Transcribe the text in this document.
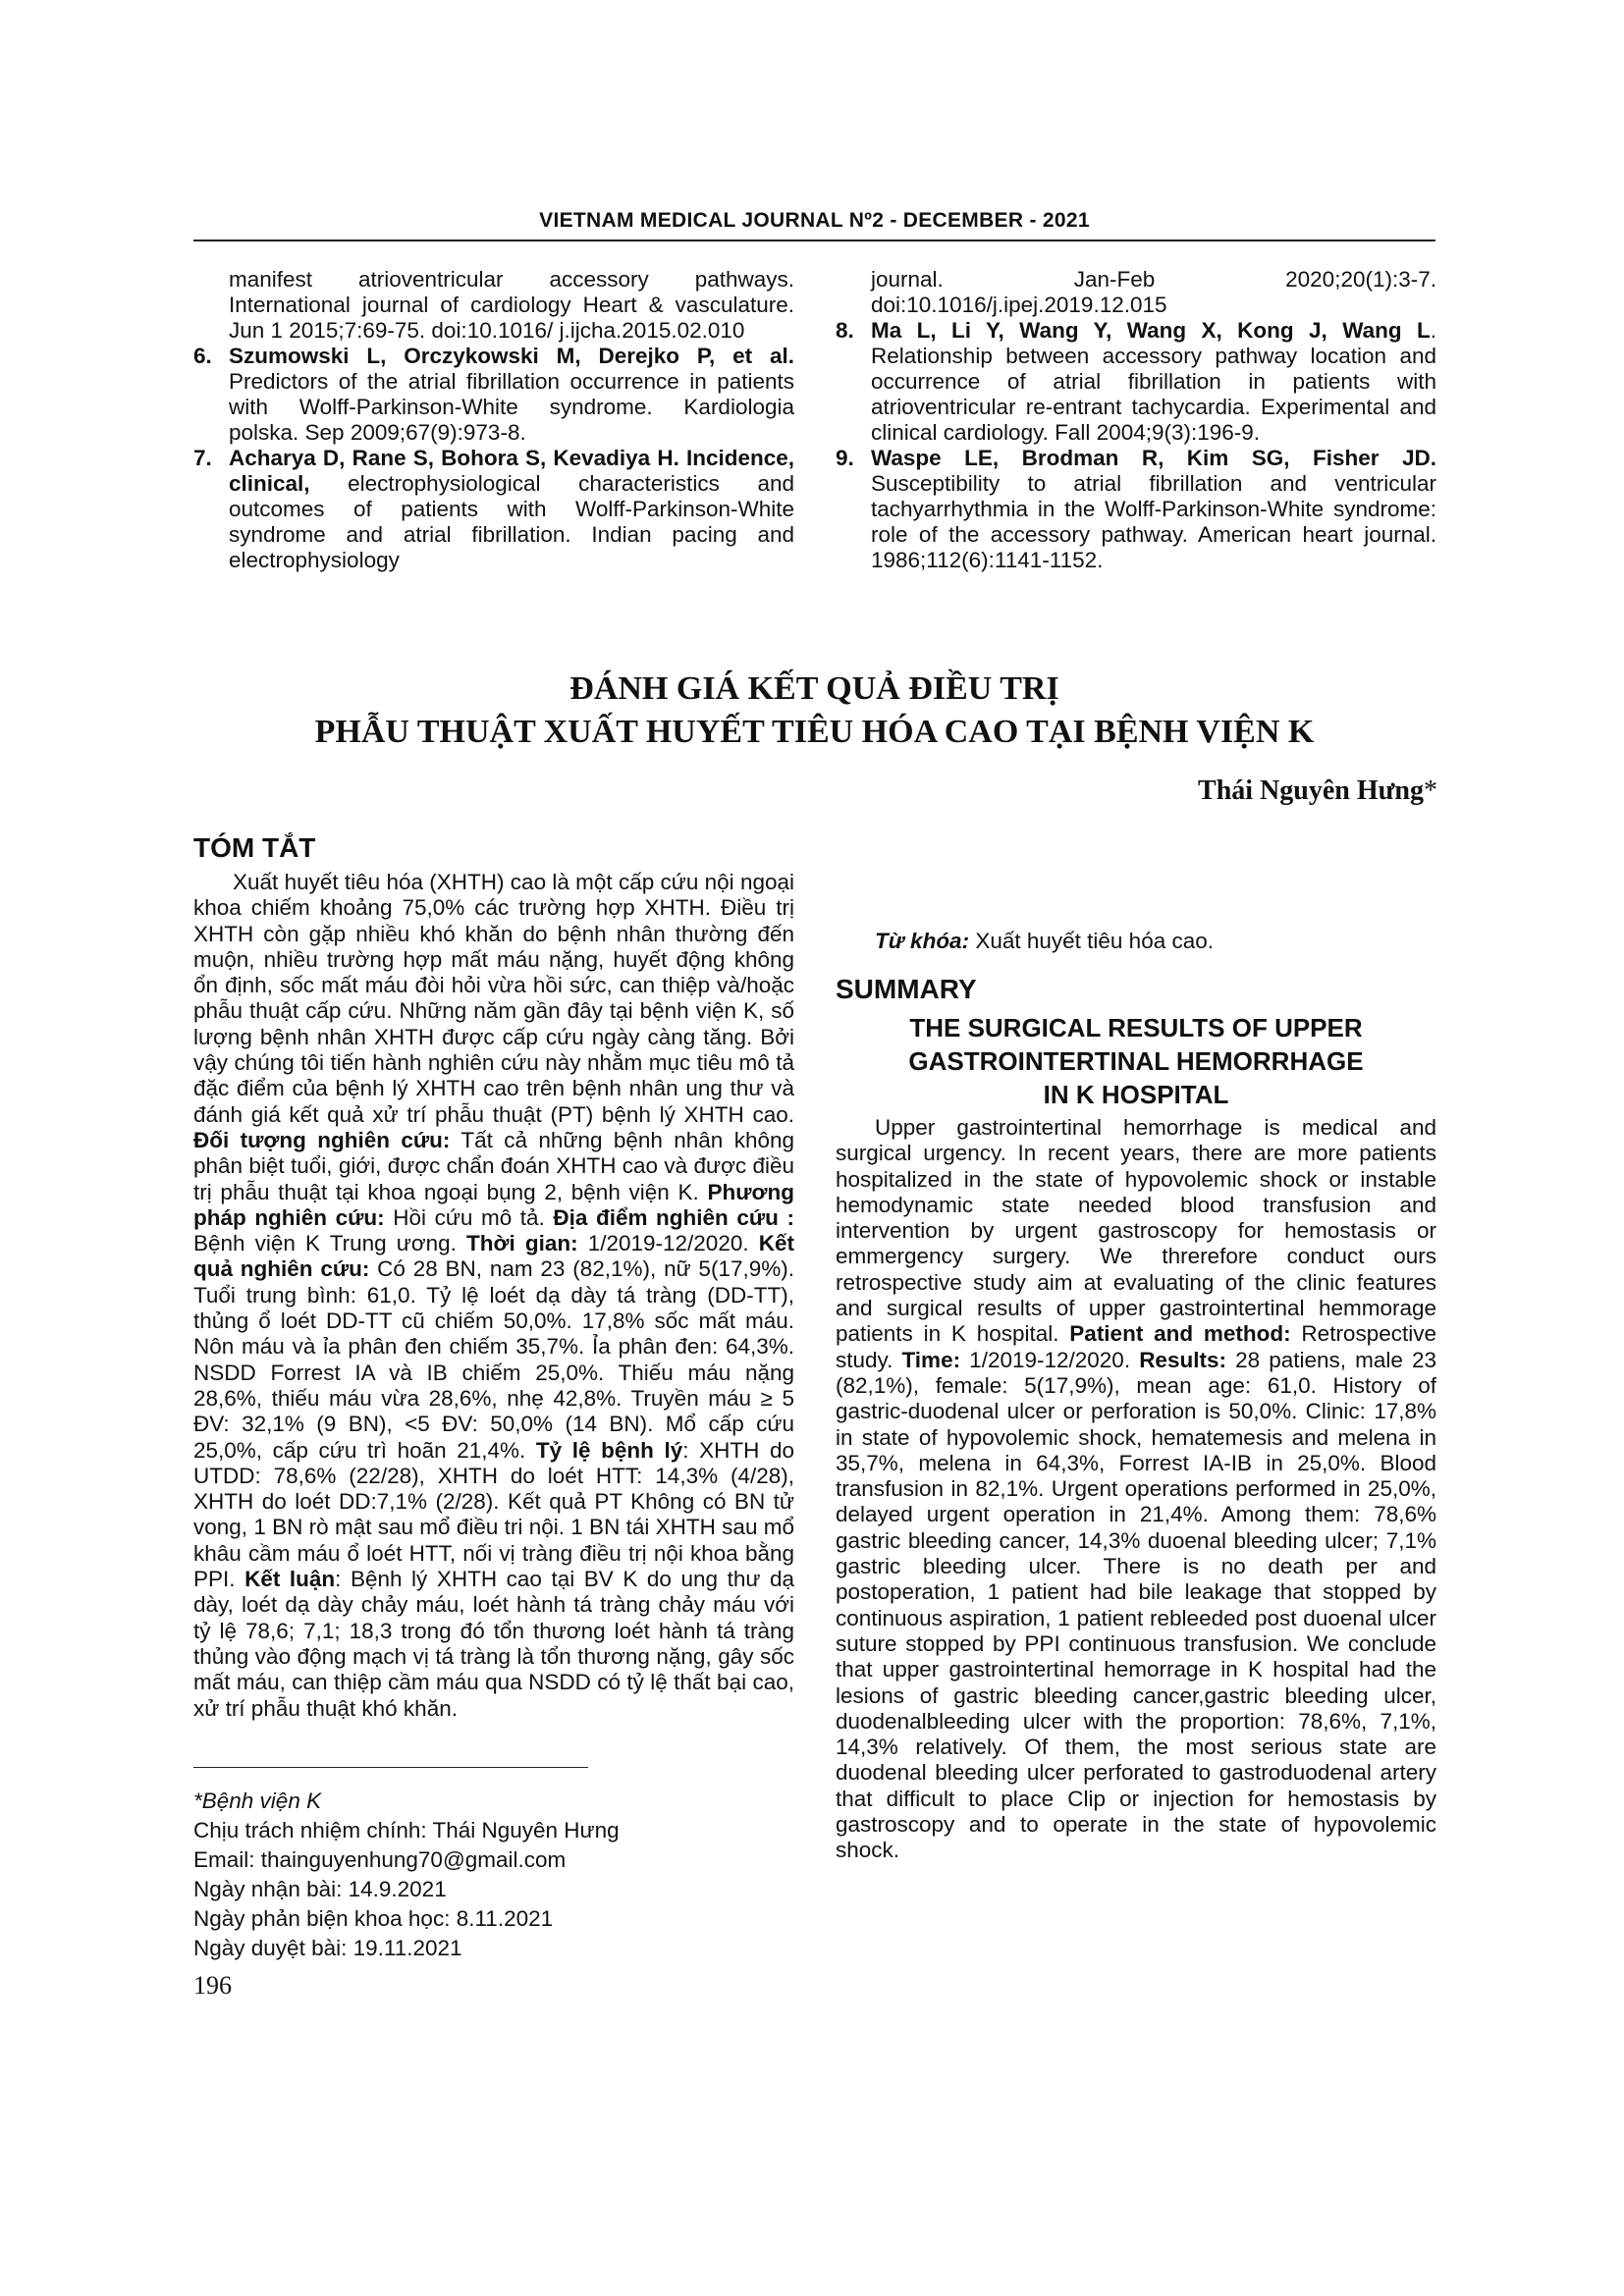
VIETNAM MEDICAL JOURNAL Nº2 - DECEMBER - 2021
manifest atrioventricular accessory pathways. International journal of cardiology Heart & vasculature. Jun 1 2015;7:69-75. doi:10.1016/ j.ijcha.2015.02.010
6. Szumowski L, Orczykowski M, Derejko P, et al. Predictors of the atrial fibrillation occurrence in patients with Wolff-Parkinson-White syndrome. Kardiologia polska. Sep 2009;67(9):973-8.
7. Acharya D, Rane S, Bohora S, Kevadiya H. Incidence, clinical, electrophysiological characteristics and outcomes of patients with Wolff-Parkinson-White syndrome and atrial fibrillation. Indian pacing and electrophysiology
journal. Jan-Feb 2020;20(1):3-7. doi:10.1016/j.ipej.2019.12.015
8. Ma L, Li Y, Wang Y, Wang X, Kong J, Wang L. Relationship between accessory pathway location and occurrence of atrial fibrillation in patients with atrioventricular re-entrant tachycardia. Experimental and clinical cardiology. Fall 2004;9(3):196-9.
9. Waspe LE, Brodman R, Kim SG, Fisher JD. Susceptibility to atrial fibrillation and ventricular tachyarrhythmia in the Wolff-Parkinson-White syndrome: role of the accessory pathway. American heart journal. 1986;112(6):1141-1152.
ĐÁNH GIÁ KẾT QUẢ ĐIỀU TRỊ
PHẪU THUẬT XUẤT HUYẾT TIÊU HÓA CAO TẠI BỆNH VIỆN K
Thái Nguyên Hưng*
TÓM TẮT

Xuất huyết tiêu hóa (XHTH) cao là một cấp cứu nội ngoại khoa chiếm khoảng 75,0% các trường hợp XHTH. Điều trị XHTH còn gặp nhiều khó khăn do bệnh nhân thường đến muộn, nhiều trường hợp mất máu nặng, huyết động không ổn định, sốc mất máu đòi hỏi vừa hồi sức, can thiệp và/hoặc phẫu thuật cấp cứu. Những năm gần đây tại bệnh viện K, số lượng bệnh nhân XHTH được cấp cứu ngày càng tăng. Bởi vậy chúng tôi tiến hành nghiên cứu này nhằm mục tiêu mô tả đặc điểm của bệnh lý XHTH cao trên bệnh nhân ung thư và đánh giá kết quả xử trí phẫu thuật (PT) bệnh lý XHTH cao. Đối tượng nghiên cứu: Tất cả những bệnh nhân không phân biệt tuổi, giới, được chẩn đoán XHTH cao và được điều trị phẫu thuật tại khoa ngoại bụng 2, bệnh viện K. Phương pháp nghiên cứu: Hồi cứu mô tả. Địa điểm nghiên cứu : Bệnh viện K Trung ương. Thời gian: 1/2019-12/2020. Kết quả nghiên cứu: Có 28 BN, nam 23 (82,1%), nữ 5(17,9%). Tuổi trung bình: 61,0. Tỷ lệ loét dạ dày tá tràng (DD-TT), thủng ổ loét DD-TT cũ chiếm 50,0%. 17,8% sốc mất máu. Nôn máu và ỉa phân đen chiếm 35,7%. Ỉa phân đen: 64,3%. NSDD Forrest IA và IB chiếm 25,0%. Thiếu máu nặng 28,6%, thiếu máu vừa 28,6%, nhẹ 42,8%. Truyền máu ≥ 5 ĐV: 32,1% (9 BN), <5 ĐV: 50,0% (14 BN). Mổ cấp cứu 25,0%, cấp cứu trì hoãn 21,4%. Tỷ lệ bệnh lý: XHTH do UTDD: 78,6% (22/28), XHTH do loét HTT: 14,3% (4/28), XHTH do loét DD:7,1% (2/28). Kết quả PT Không có BN tử vong, 1 BN rò mật sau mổ điều tri nội. 1 BN tái XHTH sau mổ khâu cầm máu ổ loét HTT, nối vị tràng điều trị nội khoa bằng PPI. Kết luận: Bệnh lý XHTH cao tại BV K do ung thư dạ dày, loét dạ dày chảy máu, loét hành tá tràng chảy máu với tỷ lệ 78,6; 7,1; 18,3 trong đó tổn thương loét hành tá tràng thủng vào động mạch vị tá tràng là tổn thương nặng, gây sốc mất máu, can thiệp cầm máu qua NSDD có tỷ lệ thất bại cao, xử trí phẫu thuật khó khăn.

Từ khóa: Xuất huyết tiêu hóa cao.

SUMMARY
THE SURGICAL RESULTS OF UPPER
GASTROINTERTINAL HEMORRHAGE
IN K HOSPITAL

Upper gastrointertinal hemorrhage is medical and surgical urgency. In recent years, there are more patients hospitalized in the state of hypovolemic shock or instable hemodynamic state needed blood transfusion and intervention by urgent gastroscopy for hemostasis or emmergency surgery. We threrefore conduct ours retrospective study aim at evaluating of the clinic features and surgical results of upper gastrointertinal hemmorage patients in K hospital. Patient and method: Retrospective study. Time: 1/2019-12/2020. Results: 28 patiens, male 23 (82,1%), female: 5(17,9%), mean age: 61,0. History of gastric-duodenal ulcer or perforation is 50,0%. Clinic: 17,8% in state of hypovolemic shock, hematemesis and melena in 35,7%, melena in 64,3%, Forrest IA-IB in 25,0%. Blood transfusion in 82,1%. Urgent operations performed in 25,0%, delayed urgent operation in 21,4%. Among them: 78,6% gastric bleeding cancer, 14,3% duoenal bleeding ulcer; 7,1% gastric bleeding ulcer. There is no death per and postoperation, 1 patient had bile leakage that stopped by continuous aspiration, 1 patient rebleeded post duoenal ulcer suture stopped by PPI continuous transfusion. We conclude that upper gastrointertinal hemorrage in K hospital had the lesions of gastric bleeding cancer,gastric bleeding ulcer, duodenalbleeding ulcer with the proportion: 78,6%, 7,1%, 14,3% relatively. Of them, the most serious state are duodenal bleeding ulcer perforated to gastroduodenal artery that difficult to place Clip or injection for hemostasis by gastroscopy and to operate in the state of hypovolemic shock.

*Bệnh viện K
Chịu trách nhiệm chính: Thái Nguyên Hưng
Email: thainguyenhung70@gmail.com
Ngày nhận bài: 14.9.2021
Ngày phản biện khoa học: 8.11.2021
Ngày duyệt bài: 19.11.2021
196
